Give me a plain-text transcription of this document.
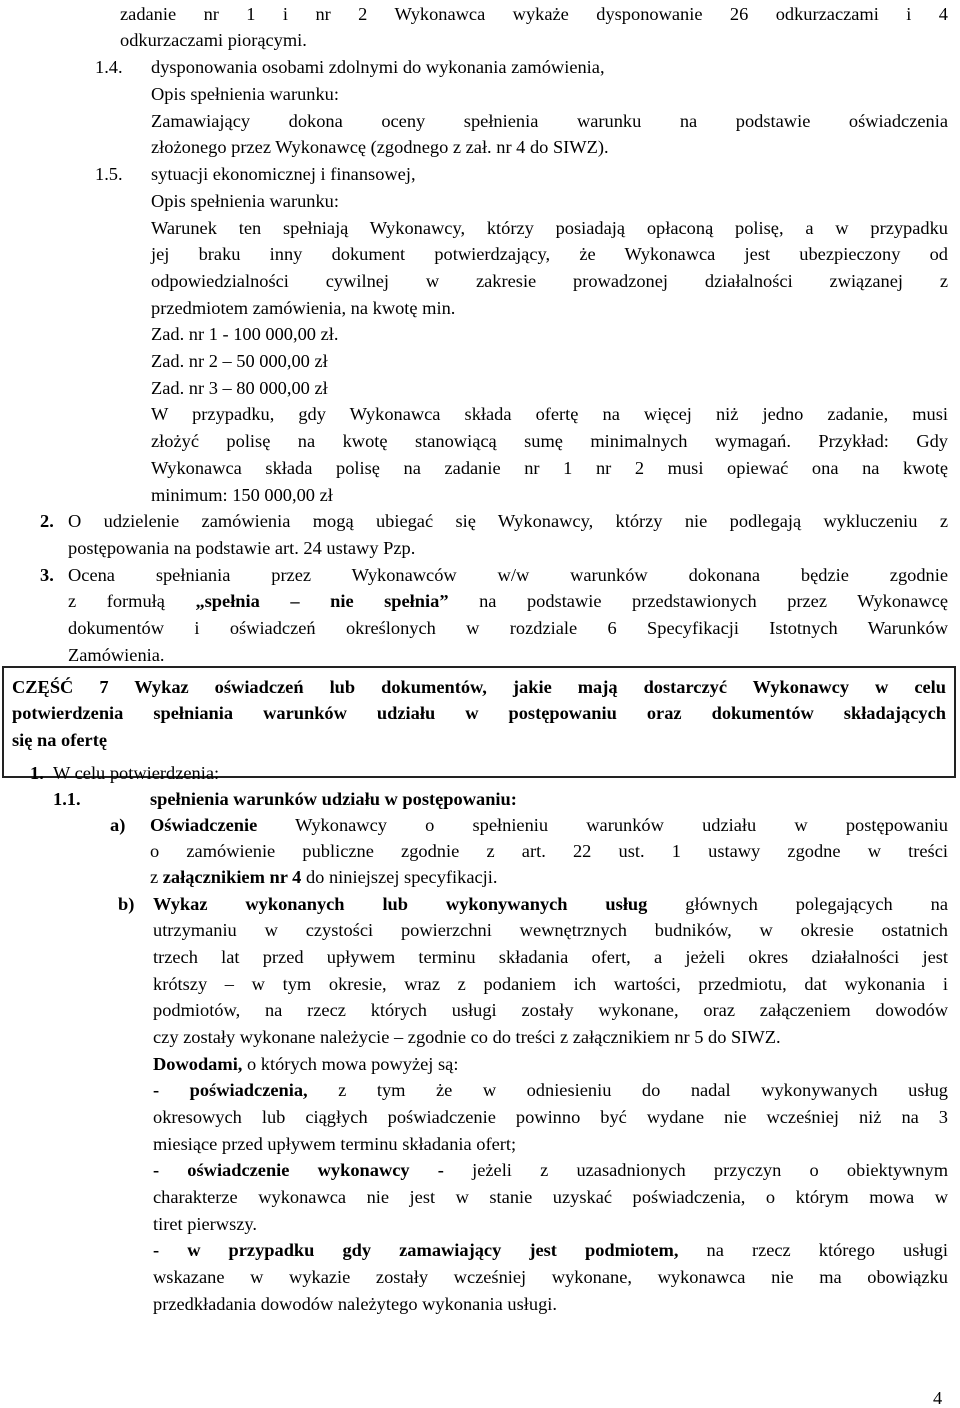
zadanie nr 1 i nr 2 Wykonawca wykaże dysponowanie 26 odkurzaczami i 4
odkurzaczami piorącymi.
1.4. dysponowania osobami zdolnymi do wykonania zamówienia,
Opis spełnienia warunku:
Zamawiający dokona oceny spełnienia warunku na podstawie oświadczenia
złożonego przez Wykonawcę (zgodnego z zał. nr 4 do SIWZ).
1.5. sytuacji ekonomicznej i finansowej,
Opis spełnienia warunku:
Warunek ten spełniają Wykonawcy, którzy posiadają opłaconą polisę, a w przypadku
jej braku inny dokument potwierdzający, że Wykonawca jest ubezpieczony od
odpowiedzialności cywilnej w zakresie prowadzonej działalności związanej z
przedmiotem zamówienia, na kwotę min.
Zad. nr 1 - 100 000,00 zł.
Zad. nr 2 – 50 000,00 zł
Zad. nr 3 – 80 000,00 zł
W przypadku, gdy Wykonawca składa ofertę na więcej niż jedno zadanie, musi
złożyć polisę na kwotę stanowiącą sumę minimalnych wymagań. Przykład: Gdy
Wykonawca składa polisę na zadanie nr 1 nr 2 musi opiewać ona na kwotę
minimum: 150 000,00 zł
2. O udzielenie zamówienia mogą ubiegać się Wykonawcy, którzy nie podlegają wykluczeniu z
postępowania na podstawie art. 24 ustawy Pzp.
3. Ocena spełniania przez Wykonawców w/w warunków dokonana będzie zgodnie
z formułą „spełnia – nie spełnia” na podstawie przedstawionych przez Wykonawcę
dokumentów i oświadczeń określonych w rozdziale 6 Specyfikacji Istotnych Warunków
Zamówienia.
CZĘŚĆ 7 Wykaz oświadczeń lub dokumentów, jakie mają dostarczyć Wykonawcy w celu
potwierdzenia spełniania warunków udziału w postępowaniu oraz dokumentów składających
się na ofertę
1. W celu potwierdzenia:
1.1.	spełnienia warunków udziału w postępowaniu:
a) Oświadczenie Wykonawcy o spełnieniu warunków udziału w postępowaniu
o zamówienie publiczne zgodnie z art. 22 ust. 1 ustawy zgodne w treści
z załącznikiem nr 4 do niniejszej specyfikacji.
b) Wykaz wykonanych lub wykonywanych usług głównych polegających na
utrzymaniu w czystości powierzchni wewnętrznych budników, w okresie ostatnich
trzech lat przed upływem terminu składania ofert, a jeżeli okres działalności jest
krótszy – w tym okresie, wraz z podaniem ich wartości, przedmiotu, dat wykonania i
podmiotów, na rzecz których usługi zostały wykonane, oraz załączeniem dowodów
czy zostały wykonane należycie – zgodnie co do treści z załącznikiem nr 5 do SIWZ.
Dowodami, o których mowa powyżej są:
- poświadczenia, z tym że w odniesieniu do nadal wykonywanych usług
okresowych lub ciągłych poświadczenie powinno być wydane nie wcześniej niż na 3
miesiące przed upływem terminu składania ofert;
- oświadczenie wykonawcy - jeżeli z uzasadnionych przyczyn o obiektywnym
charakterze wykonawca nie jest w stanie uzyskać poświadczenia, o którym mowa w
tiret pierwszy.
- w przypadku gdy zamawiający jest podmiotem, na rzecz którego usługi
wskazane w wykazie zostały wcześniej wykonane, wykonawca nie ma obowiązku
przedkładania dowodów należytego wykonania usługi.
4
